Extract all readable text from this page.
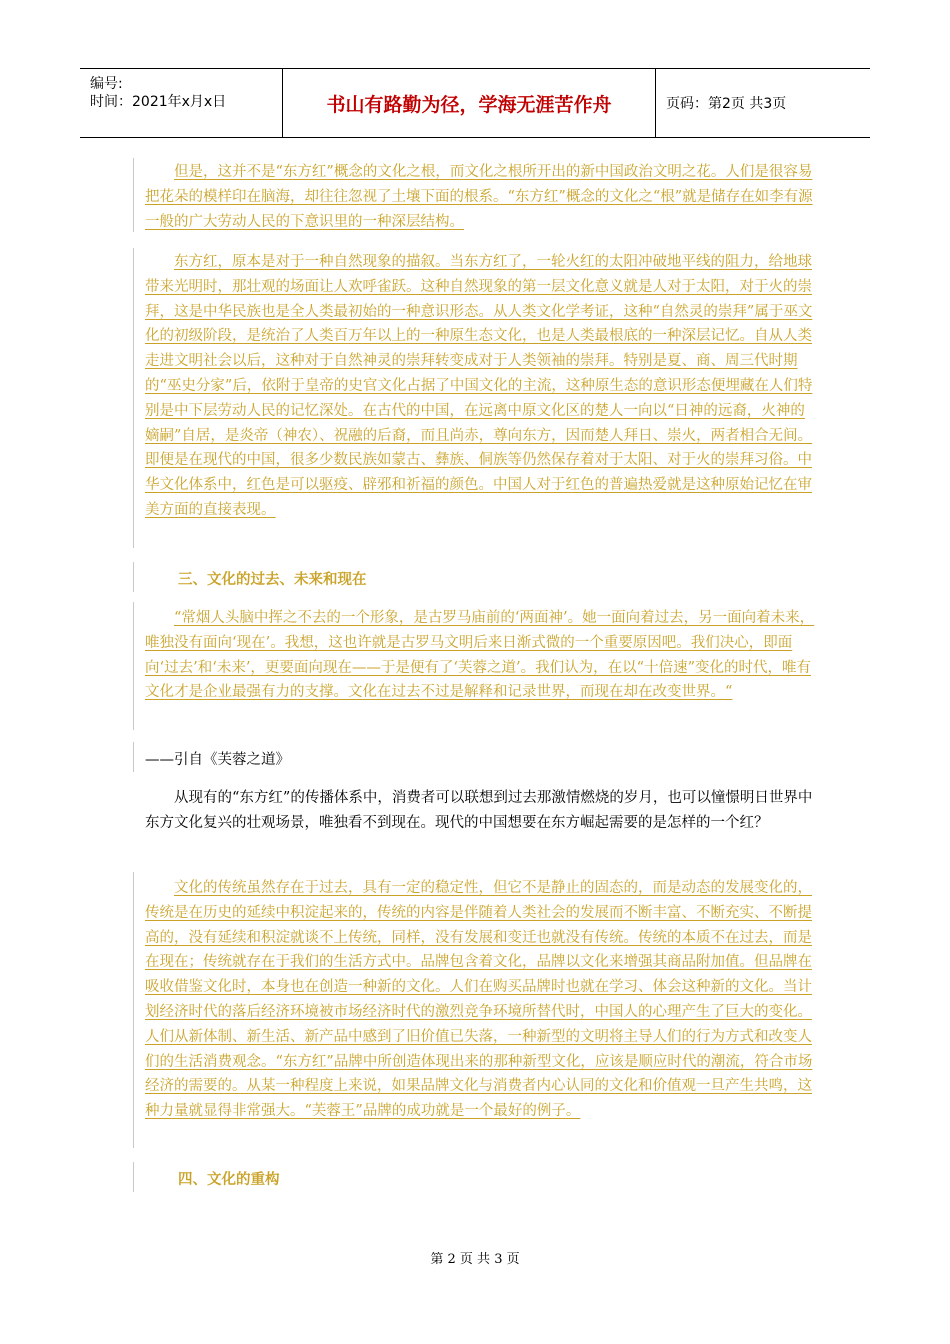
编号:
时间：2021年x月x日	书山有路勤为径，学海无涯苦作舟	页码：第2页 共3页

但是，这并不是“东方红”概念的文化之根，而文化之根所开出的新中国政治文明之花。人们是很容易把花朵的模样印在脑海，却往往忽视了土壤下面的根系。“东方红”概念的文化之“根”就是储存在如李有源一般的广大劳动人民的下意识里的一种深层结构。

东方红，原本是对于一种自然现象的描叙。当东方红了，一轮火红的太阳冲破地平线的阻力，给地球带来光明时，那壮观的场面让人欢呼雀跃。这种自然现象的第一层文化意义就是人对于太阳，对于火的崇拜，这是中华民族也是全人类最初始的一种意识形态。从人类文化学考证，这种“自然灵的崇拜”属于巫文化的初级阶段，是统治了人类百万年以上的一种原生态文化，也是人类最根底的一种深层记忆。自从人类走进文明社会以后，这种对于自然神灵的崇拜转变成对于人类领袖的崇拜。特别是夏、商、周三代时期的“巫史分家”后，依附于皇帝的史官文化占据了中国文化的主流，这种原生态的意识形态便埋藏在人们特别是中下层劳动人民的记忆深处。在古代的中国，在远离中原文化区的楚人一向以“日神的远裔，火神的嫡嗣”自居，是炎帝（神农）、祝融的后裔，而且尚赤，尊向东方，因而楚人拜日、崇火，两者相合无间。即便是在现代的中国，很多少数民族如蒙古、彝族、侗族等仍然保存着对于太阳、对于火的崇拜习俗。中华文化体系中，红色是可以驱疫、辟邪和祈福的颜色。中国人对于红色的普遍热爱就是这种原始记忆在审美方面的直接表现。

三、文化的过去、未来和现在

“常烟人头脑中挥之不去的一个形象，是古罗马庙前的‘两面神’。她一面向着过去，另一面向着未来，唯独没有面向‘现在’。我想，这也许就是古罗马文明后来日渐式微的一个重要原因吧。我们决心，即面向‘过去’和‘未来’，更要面向现在——于是便有了‘芙蓉之道’。我们认为，在以“十倍速”变化的时代，唯有文化才是企业最强有力的支撑。文化在过去不过是解释和记录世界，而现在却在改变世界。“

——引自《芙蓉之道》

从现有的“东方红”的传播体系中，消费者可以联想到过去那激情燃烧的岁月，也可以憧憬明日世界中东方文化复兴的壮观场景，唯独看不到现在。现代的中国想要在东方崛起需要的是怎样的一个红？

文化的传统虽然存在于过去，具有一定的稳定性，但它不是静止的固态的，而是动态的发展变化的，传统是在历史的延续中积淀起来的，传统的内容是伴随着人类社会的发展而不断丰富、不断充实、不断提高的，没有延续和积淀就谈不上传统，同样，没有发展和变迁也就没有传统。传统的本质不在过去，而是在现在；传统就存在于我们的生活方式中。品牌包含着文化，品牌以文化来增强其商品附加值。但品牌在吸收借鉴文化时，本身也在创造一种新的文化。人们在购买品牌时也就在学习、体会这种新的文化。当计划经济时代的落后经济环境被市场经济时代的激烈竞争环境所替代时，中国人的心理产生了巨大的变化。人们从新体制、新生活、新产品中感到了旧价值已失落，一种新型的文明将主导人们的行为方式和改变人们的生活消费观念。“东方红”品牌中所创造体现出来的那种新型文化，应该是顺应时代的潮流，符合市场经济的需要的。从某一种程度上来说，如果品牌文化与消费者内心认同的文化和价值观一旦产生共鸣，这种力量就显得非常强大。“芙蓉王”品牌的成功就是一个最好的例子。

四、文化的重构
第 2 页 共 3 页
